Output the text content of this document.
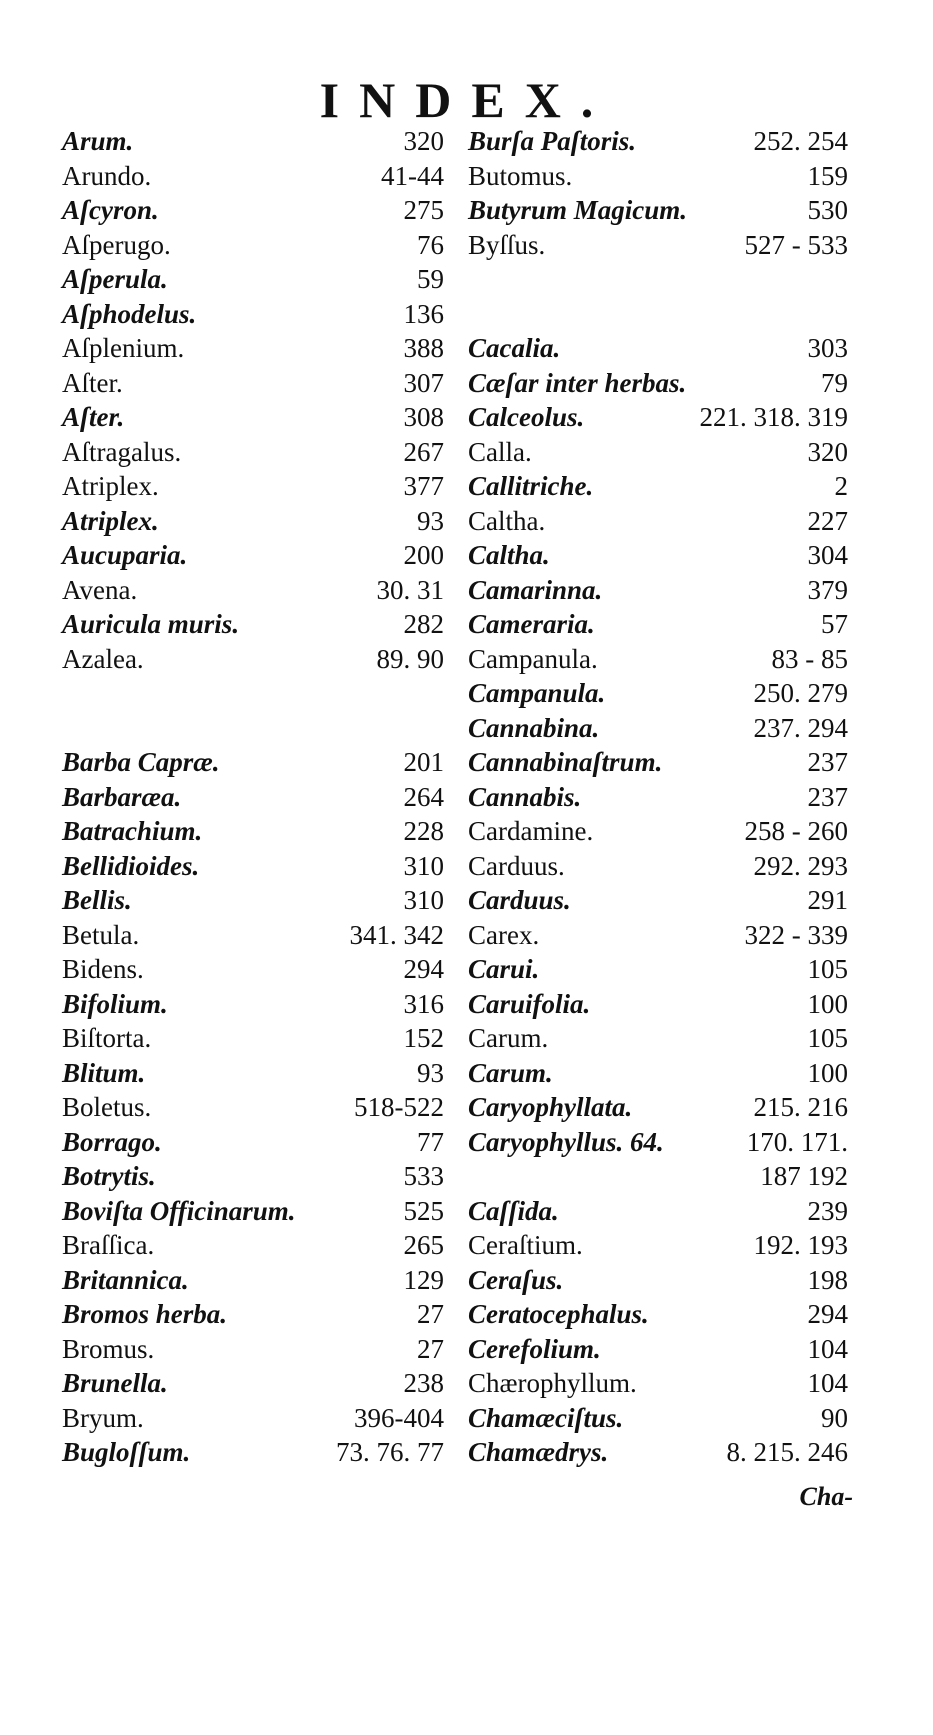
INDEX.
Arum.	320
Arundo.	41-44
Aſcyron.	275
Aſperugo.	76
Aſperula.	59
Aſphodelus.	136
Aſplenium.	388
Aſter.	307
Aſter.	308
Aſtragalus.	267
Atriplex.	377
Atriplex.	93
Aucuparia.	200
Avena.	30. 31
Auricula muris.	282
Azalea.	89. 90
Barba Capræ.	201
Barbaræa.	264
Batrachium.	228
Bellidioides.	310
Bellis.	310
Betula.	341. 342
Bidens.	294
Bifolium.	316
Biſtorta.	152
Blitum.	93
Boletus.	518-522
Borrago.	77
Botrytis.	533
Boviſta Officinarum.	525
Braſſica.	265
Britannica.	129
Bromos herba.	27
Bromus.	27
Brunella.	238
Bryum.	396-404
Bugloſſum.	73. 76. 77
Burſa Paſtoris.	252. 254
Butomus.	159
Butyrum Magicum.	530
Byſſus.	527 - 533
Cacalia.	303
Cæſar inter herbas.	79
Calceolus.	221. 318. 319
Calla.	320
Callitriche.	2
Caltha.	227
Caltha.	304
Camarinna.	379
Cameraria.	57
Campanula.	83 - 85
Campanula.	250. 279
Cannabina.	237. 294
Cannabinaſtrum.	237
Cannabis.	237
Cardamine.	258 - 260
Carduus.	292. 293
Carduus.	291
Carex.	322 - 339
Carui.	105
Caruifolia.	100
Carum.	105
Carum.	100
Caryophyllata.	215. 216
Caryophyllus. 64.	170. 171.
187 192
Caſſida.	239
Ceraſtium.	192. 193
Ceraſus.	198
Ceratocephalus.	294
Cerefolium.	104
Chærophyllum.	104
Chamæciſtus.	90
Chamædrys.	8. 215. 246
Cha-
